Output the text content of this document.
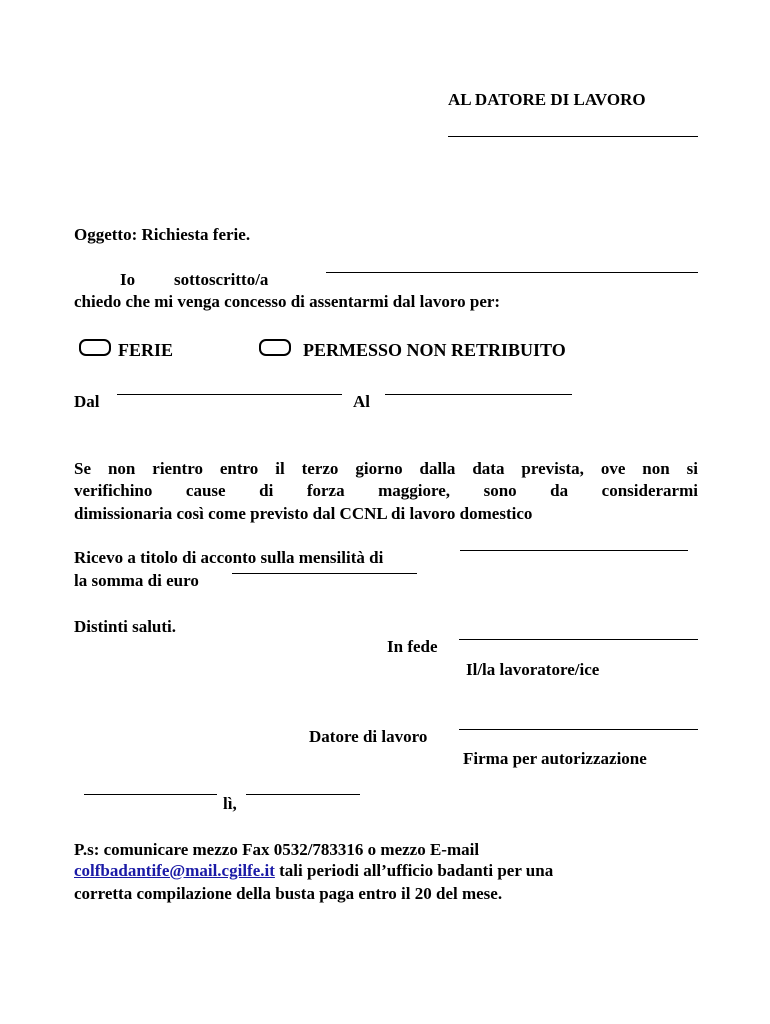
AL DATORE DI LAVORO
Oggetto: Richiesta ferie.
Io sottoscritto/a
chiedo che mi venga concesso di assentarmi dal lavoro per:
FERIE	PERMESSO NON RETRIBUITO
Dal	Al
Se non rientro entro il terzo giorno dalla data prevista, ove non si
verifichino cause di forza maggiore, sono da considerarmi
dimissionaria così come previsto dal CCNL di lavoro domestico
Ricevo a titolo di acconto sulla mensilità di
la somma di euro
Distinti saluti.
In fede
Il/la lavoratore/ice
Datore di lavoro
Firma per autorizzazione
lì,
P.s: comunicare mezzo Fax 0532/783316 o mezzo E-mail
colfbadantife@mail.cgilfe.it tali periodi all’ufficio badanti per una
corretta compilazione della busta paga entro il 20 del mese.
